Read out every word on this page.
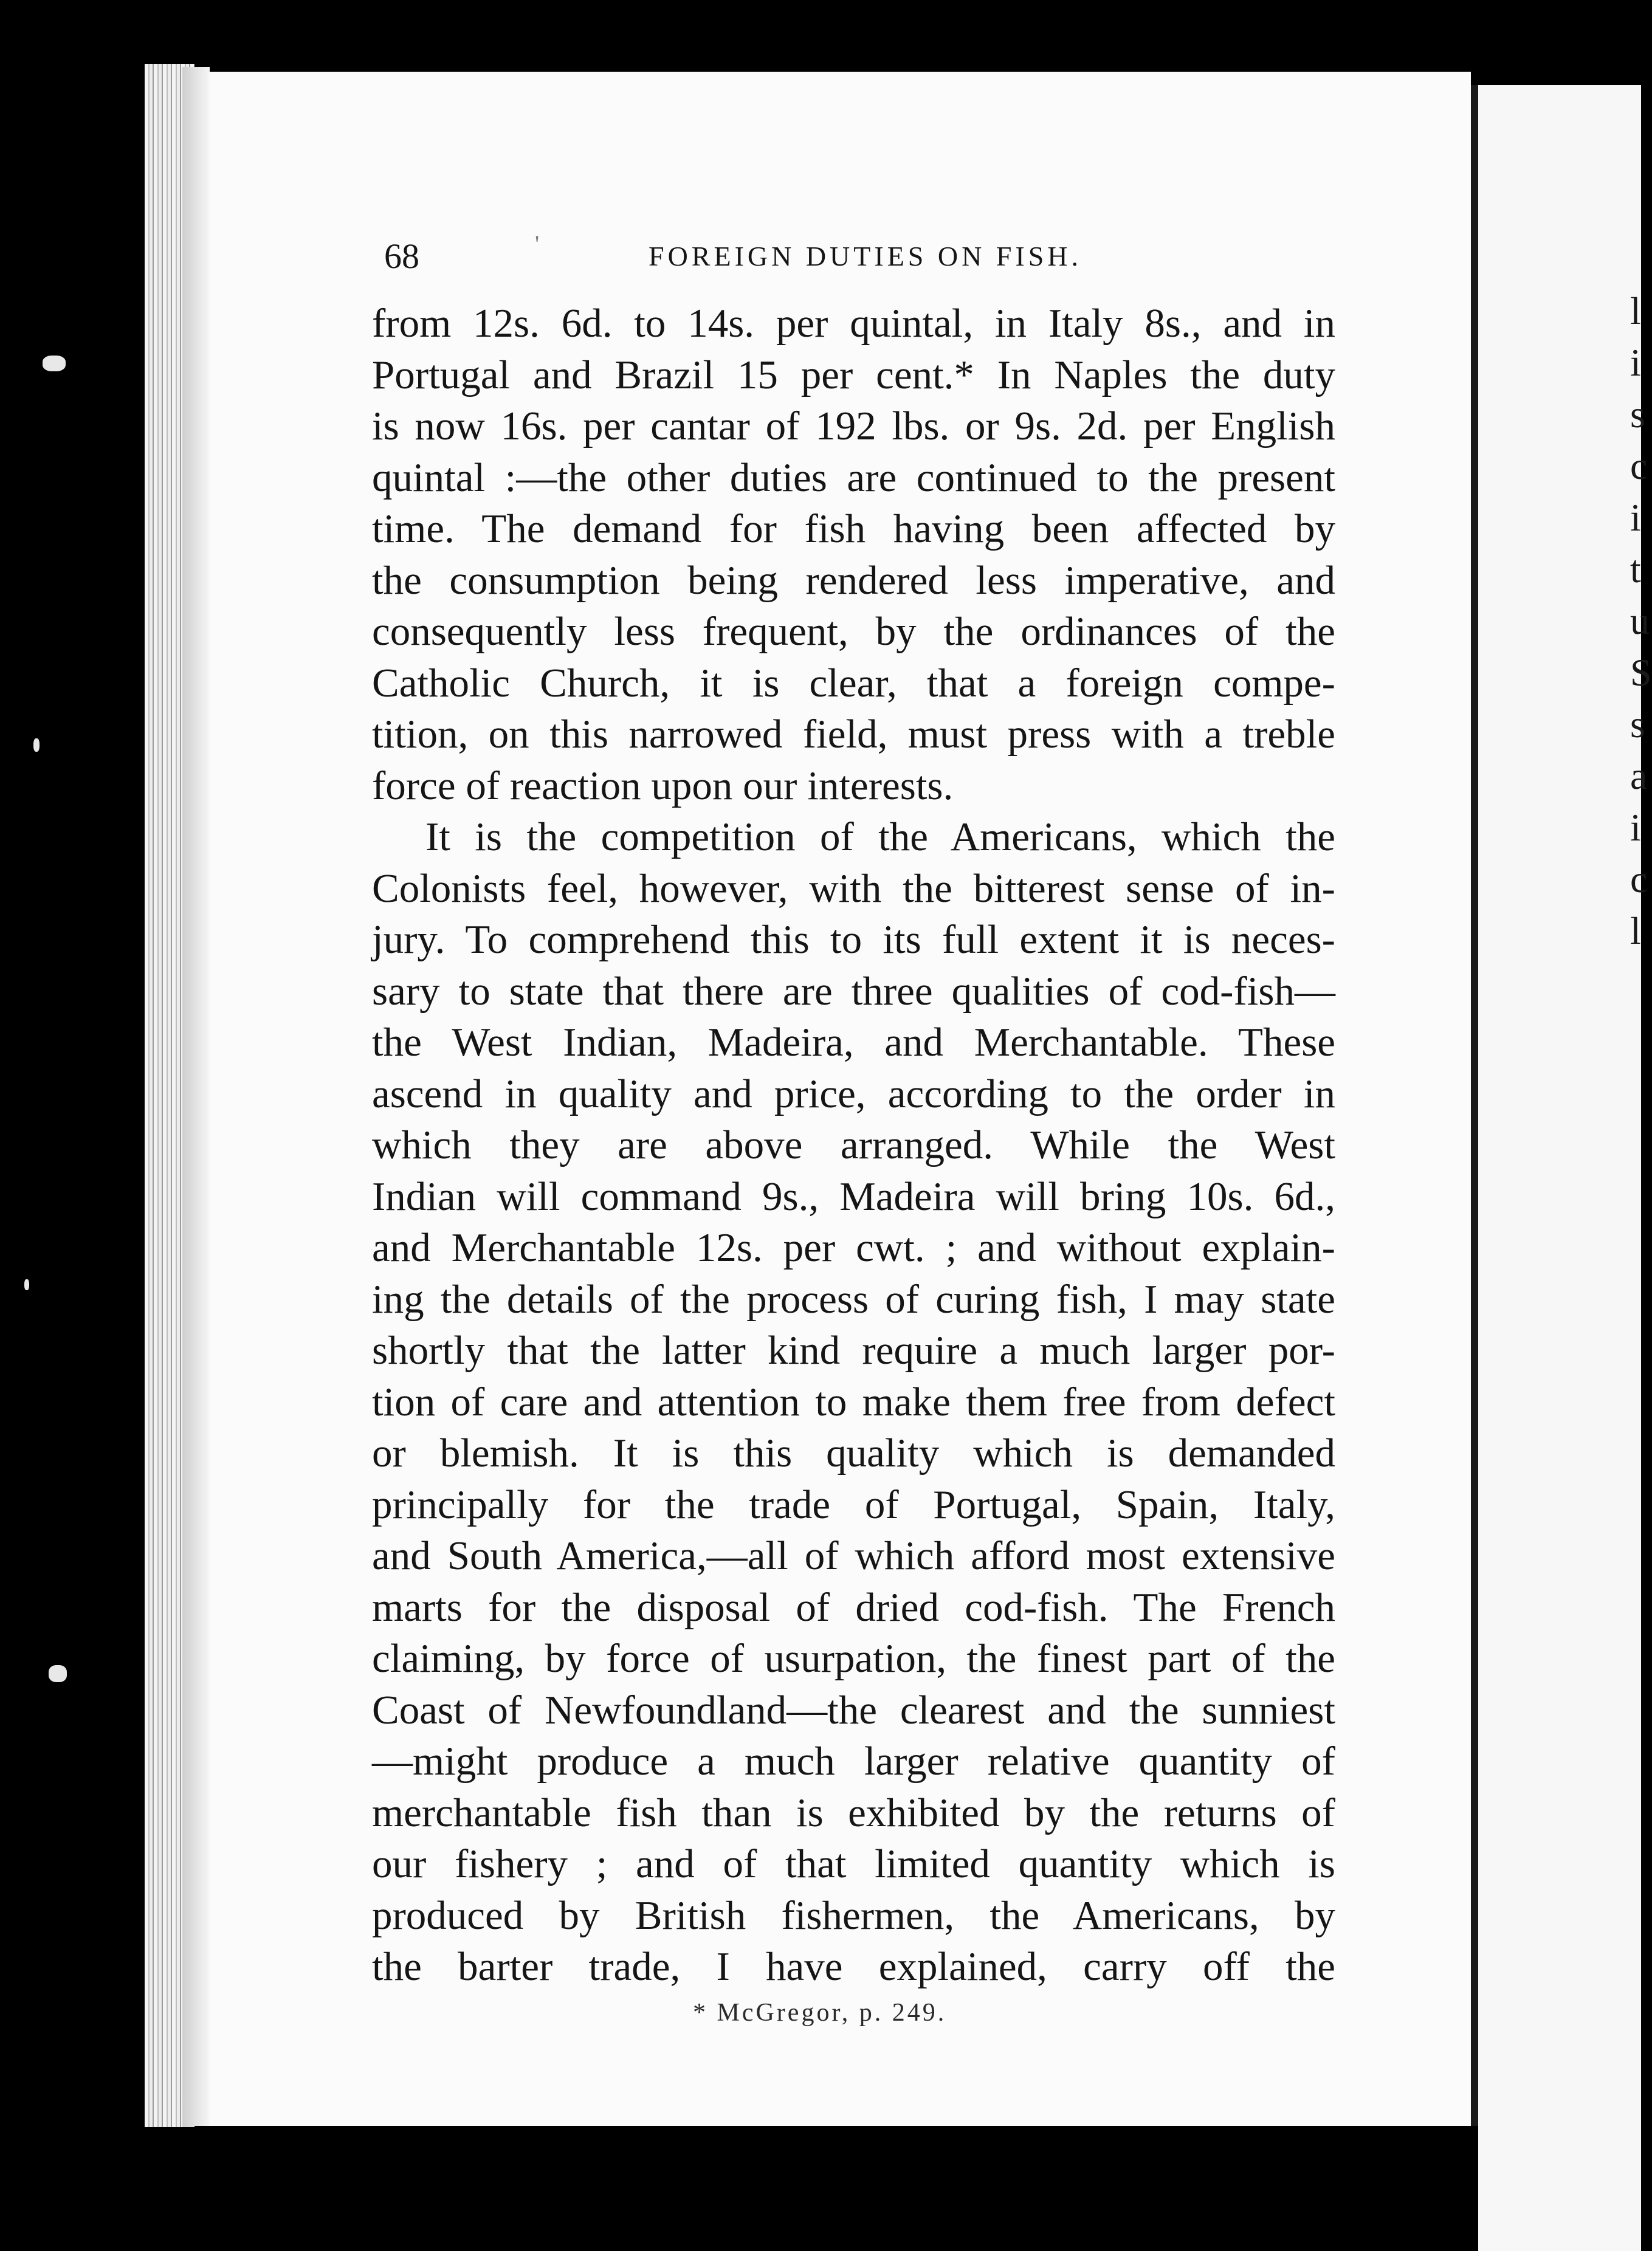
l
i
s
c
i
t
u
S
s
a
i
c
l
68	'	FOREIGN DUTIES ON FISH.
from 12s. 6d. to 14s. per quintal, in Italy 8s., and in
Portugal and Brazil 15 per cent.* In Naples the duty
is now 16s. per cantar of 192 lbs. or 9s. 2d. per English
quintal :—the other duties are continued to the present
time. The demand for fish having been affected by
the consumption being rendered less imperative, and
consequently less frequent, by the ordinances of the
Catholic Church, it is clear, that a foreign compe-
tition, on this narrowed field, must press with a treble
force of reaction upon our interests.
It is the competition of the Americans, which the
Colonists feel, however, with the bitterest sense of in-
jury. To comprehend this to its full extent it is neces-
sary to state that there are three qualities of cod-fish—
the West Indian, Madeira, and Merchantable. These
ascend in quality and price, according to the order in
which they are above arranged. While the West
Indian will command 9s., Madeira will bring 10s. 6d.,
and Merchantable 12s. per cwt. ; and without explain-
ing the details of the process of curing fish, I may state
shortly that the latter kind require a much larger por-
tion of care and attention to make them free from defect
or blemish. It is this quality which is demanded
principally for the trade of Portugal, Spain, Italy,
and South America,—all of which afford most extensive
marts for the disposal of dried cod-fish. The French
claiming, by force of usurpation, the finest part of the
Coast of Newfoundland—the clearest and the sunniest
—might produce a much larger relative quantity of
merchantable fish than is exhibited by the returns of
our fishery ; and of that limited quantity which is
produced by British fishermen, the Americans, by
the barter trade, I have explained, carry off the
* McGregor, p. 249.
